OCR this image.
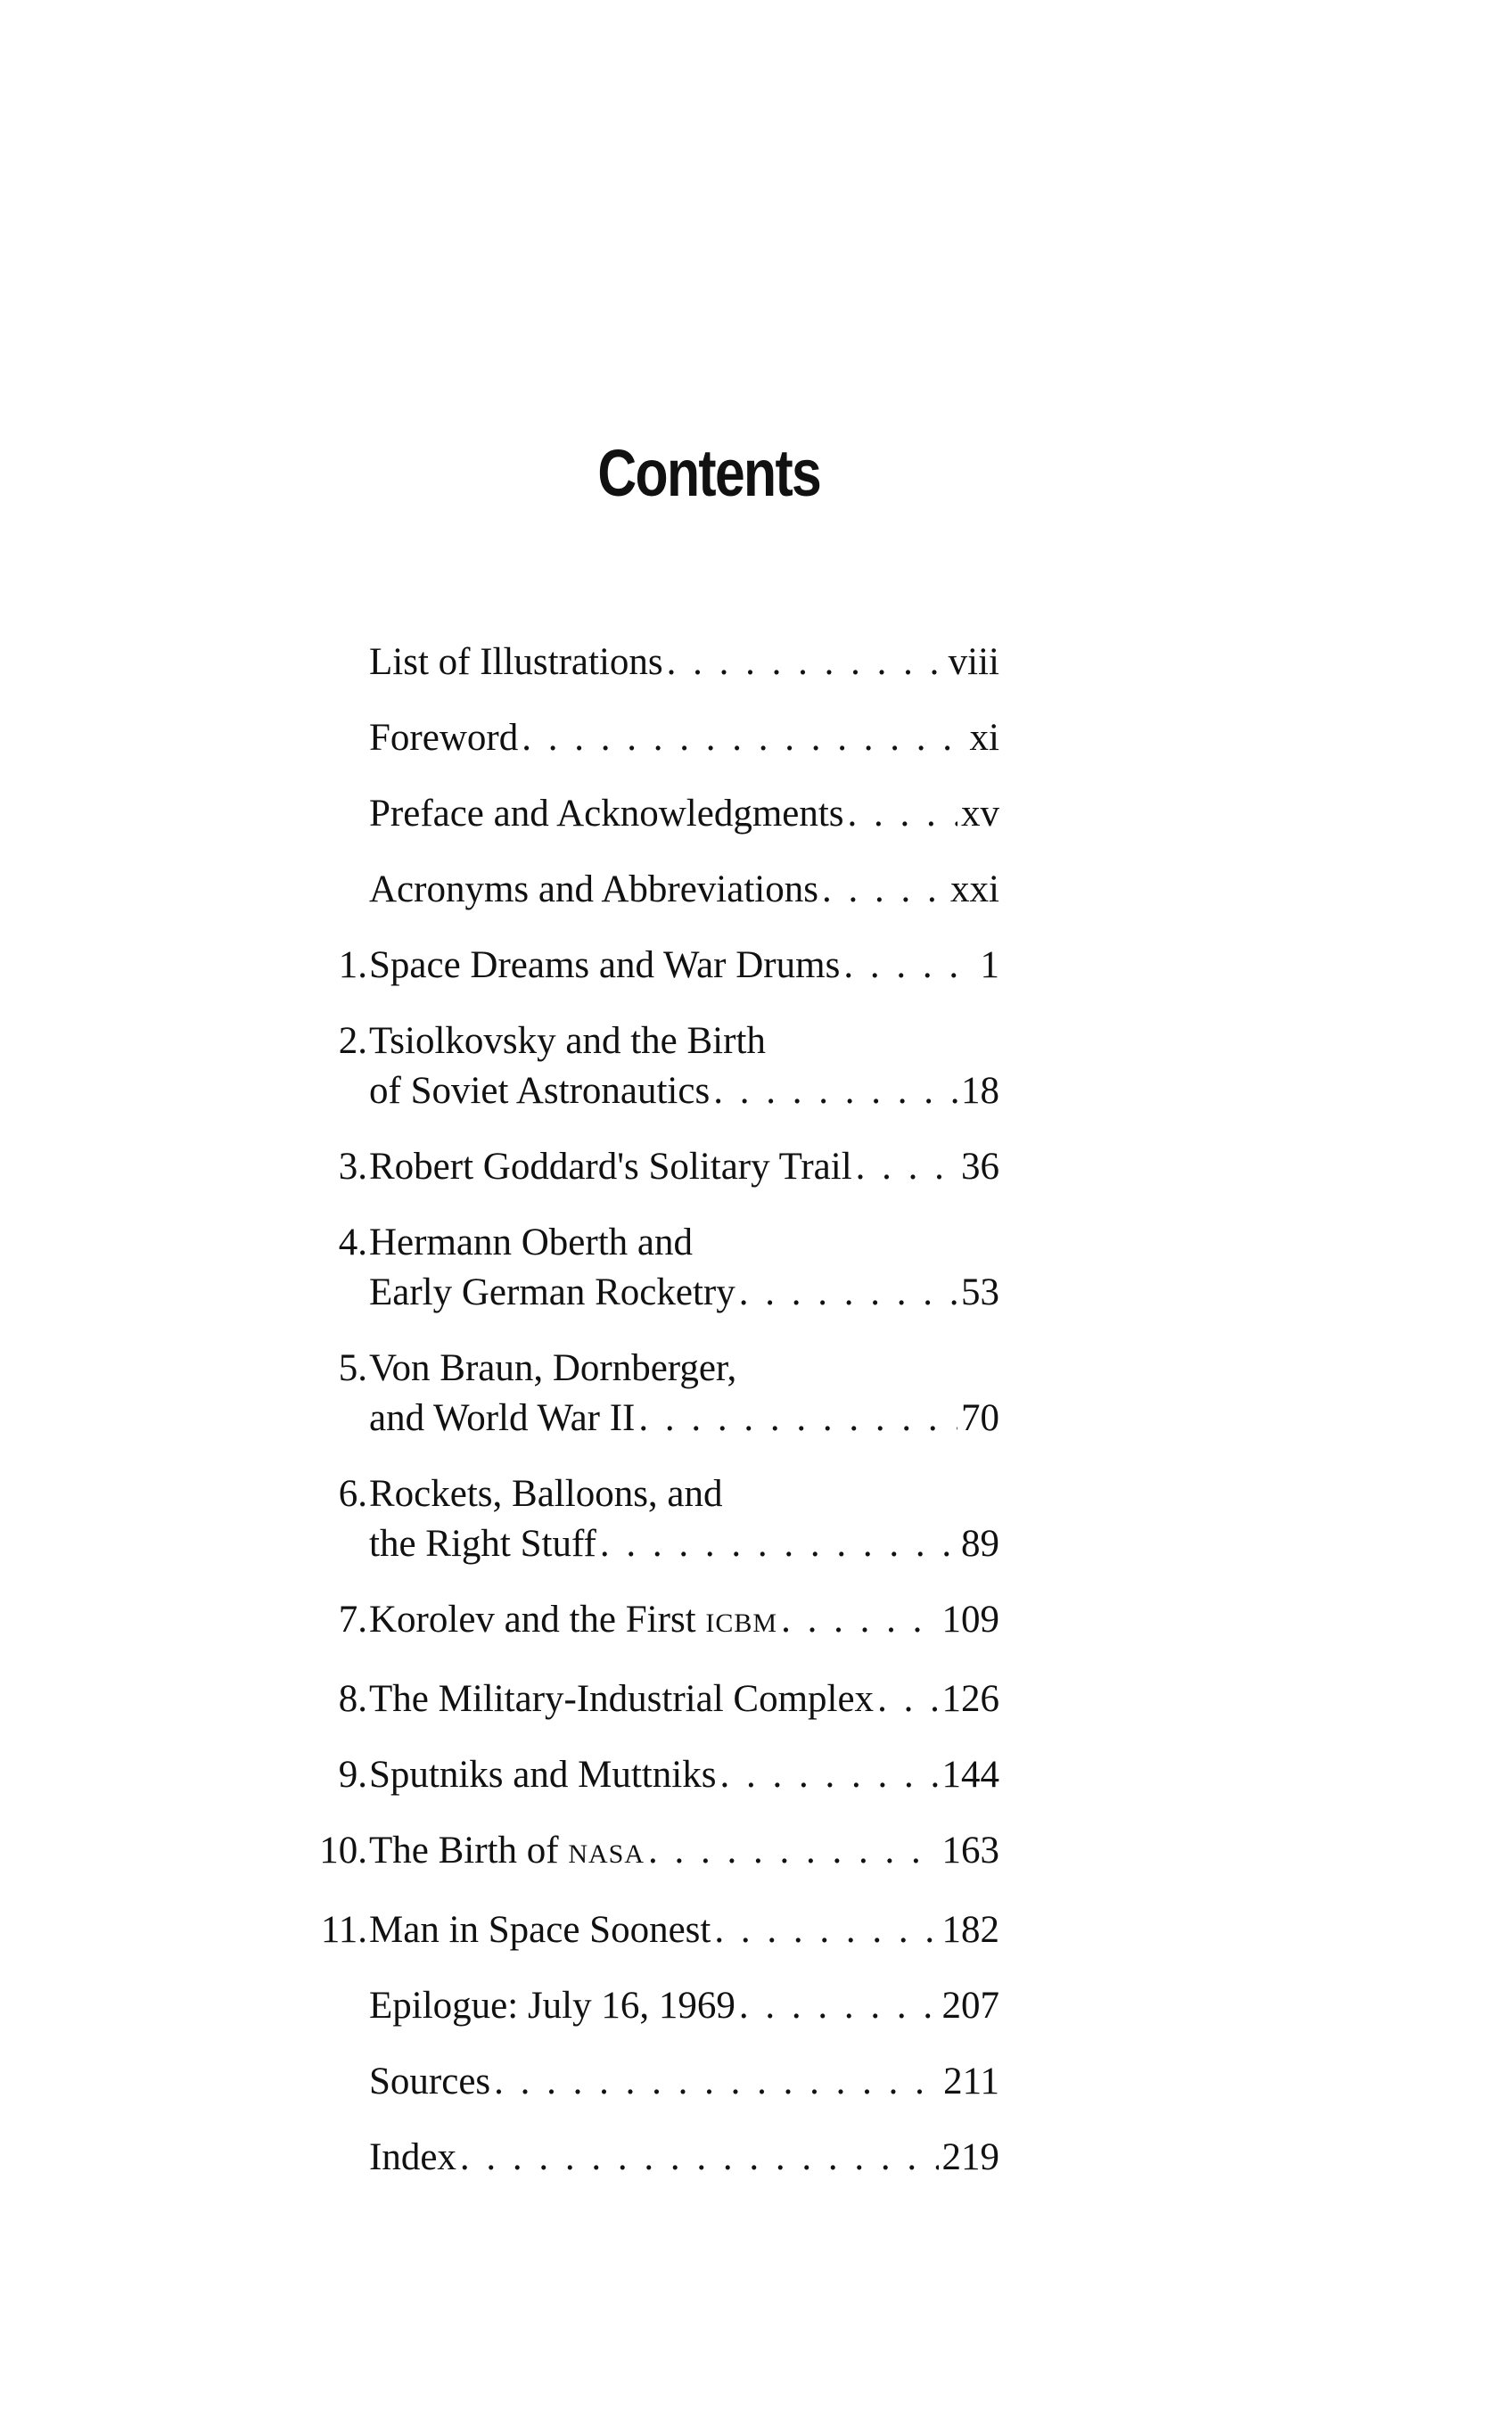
Contents
List of Illustrations . . .	viii
Foreword . . .	xi
Preface and Acknowledgments . . .	xv
Acronyms and Abbreviations . . .	xxi
1. Space Dreams and War Drums . . .	1
2. Tsiolkovsky and the Birth
of Soviet Astronautics . . .	18
3. Robert Goddard's Solitary Trail . . .	36
4. Hermann Oberth and
Early German Rocketry . . .	53
5. Von Braun, Dornberger,
and World War II . . .	70
6. Rockets, Balloons, and
the Right Stuff . . .	89
7. Korolev and the First ICBM . . .	109
8. The Military-Industrial Complex . . . 126
9. Sputniks and Muttniks . . .	144
10. The Birth of NASA . . .	163
11. Man in Space Soonest . . .	182
Epilogue: July 16, 1969 . . .	207
Sources . . .	211
Index . . .	219
